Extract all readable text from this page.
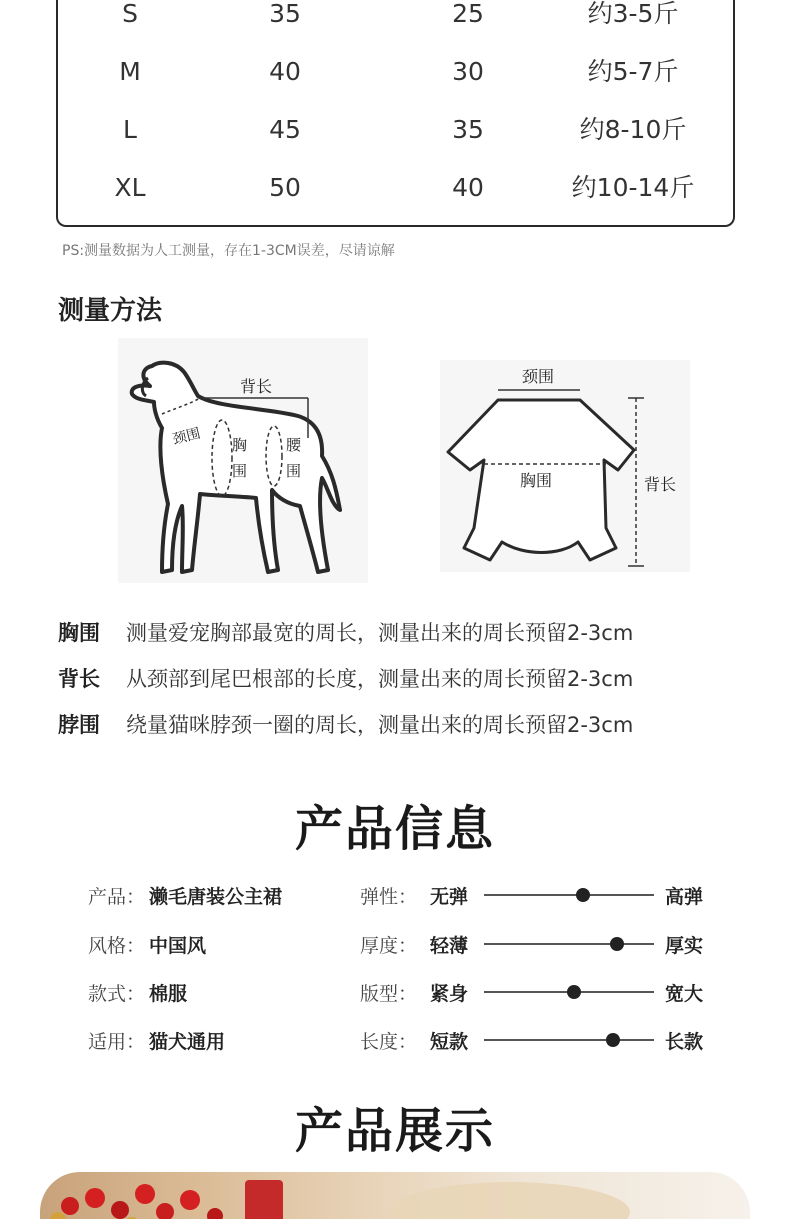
S	35	25	约3-5斤
M	40	30	约5-7斤
L	45	35	约8-10斤
XL	50	40	约10-14斤
PS:测量数据为人工测量，存在1-3CM误差，尽请谅解
测量方法
背长
颈围 胸围
腰围
颈围
胸围	背长
胸围 测量爱宠胸部最宽的周长，测量出来的周长预留2-3cm
背长 从颈部到尾巴根部的长度，测量出来的周长预留2-3cm
脖围 绕量猫咪脖颈一圈的周长，测量出来的周长预留2-3cm
产品信息
产品： 濑毛唐装公主裙
风格： 中国风
款式： 棉服
适用： 猫犬通用
弹性： 无弹	高弹
厚度： 轻薄	厚实
版型： 紧身	宽大
长度： 短款	长款
产品展示
